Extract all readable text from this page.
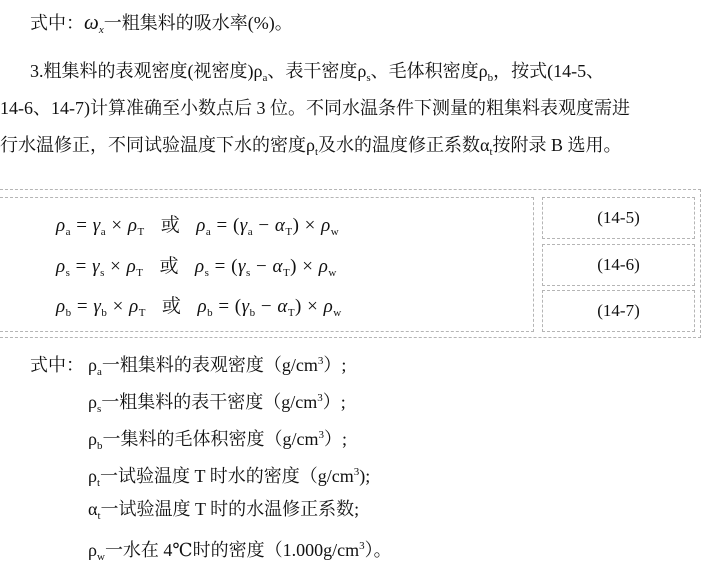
式中：$\omega_x$一粗集料的吸水率(%)。
3.粗集料的表观密度(视密度)$\rho_a$、表干密度$\rho_s$、毛体积密度$\rho_b$，按式(14-5、
14-6、14-7)计算准确至小数点后 3 位。不同水温条件下测量的粗集料表观度需进
行水温修正，不同试验温度下水的密度$\rho_t$及水的温度修正系数$\alpha_t$按附录 B 选用。
$\rho_a = \gamma_a \times \rho_T$ 或 $\rho_a = (\gamma_a - \alpha_T) \times \rho_w$
$\rho_s = \gamma_s \times \rho_T$ 或 $\rho_s = (\gamma_s - \alpha_T) \times \rho_w$
$\rho_b = \gamma_b \times \rho_T$ 或 $\rho_b = (\gamma_b - \alpha_T) \times \rho_w$
(14-5)
(14-6)
(14-7)
式中： $\rho_a$一粗集料的表观密度$(g/cm^3)$;
$\rho_s$一粗集料的表干密度$(g/cm^3)$;
$\rho_b$一集料的毛体积密度$(g/cm^3)$;
$\rho_t$一试验温度 T 时水的密度$(g/cm^3)$;
$\alpha_t$一试验温度 T 时的水温修正系数;
$\rho_w$一水在 4℃时的密度$(1.000g/cm^3)$。
